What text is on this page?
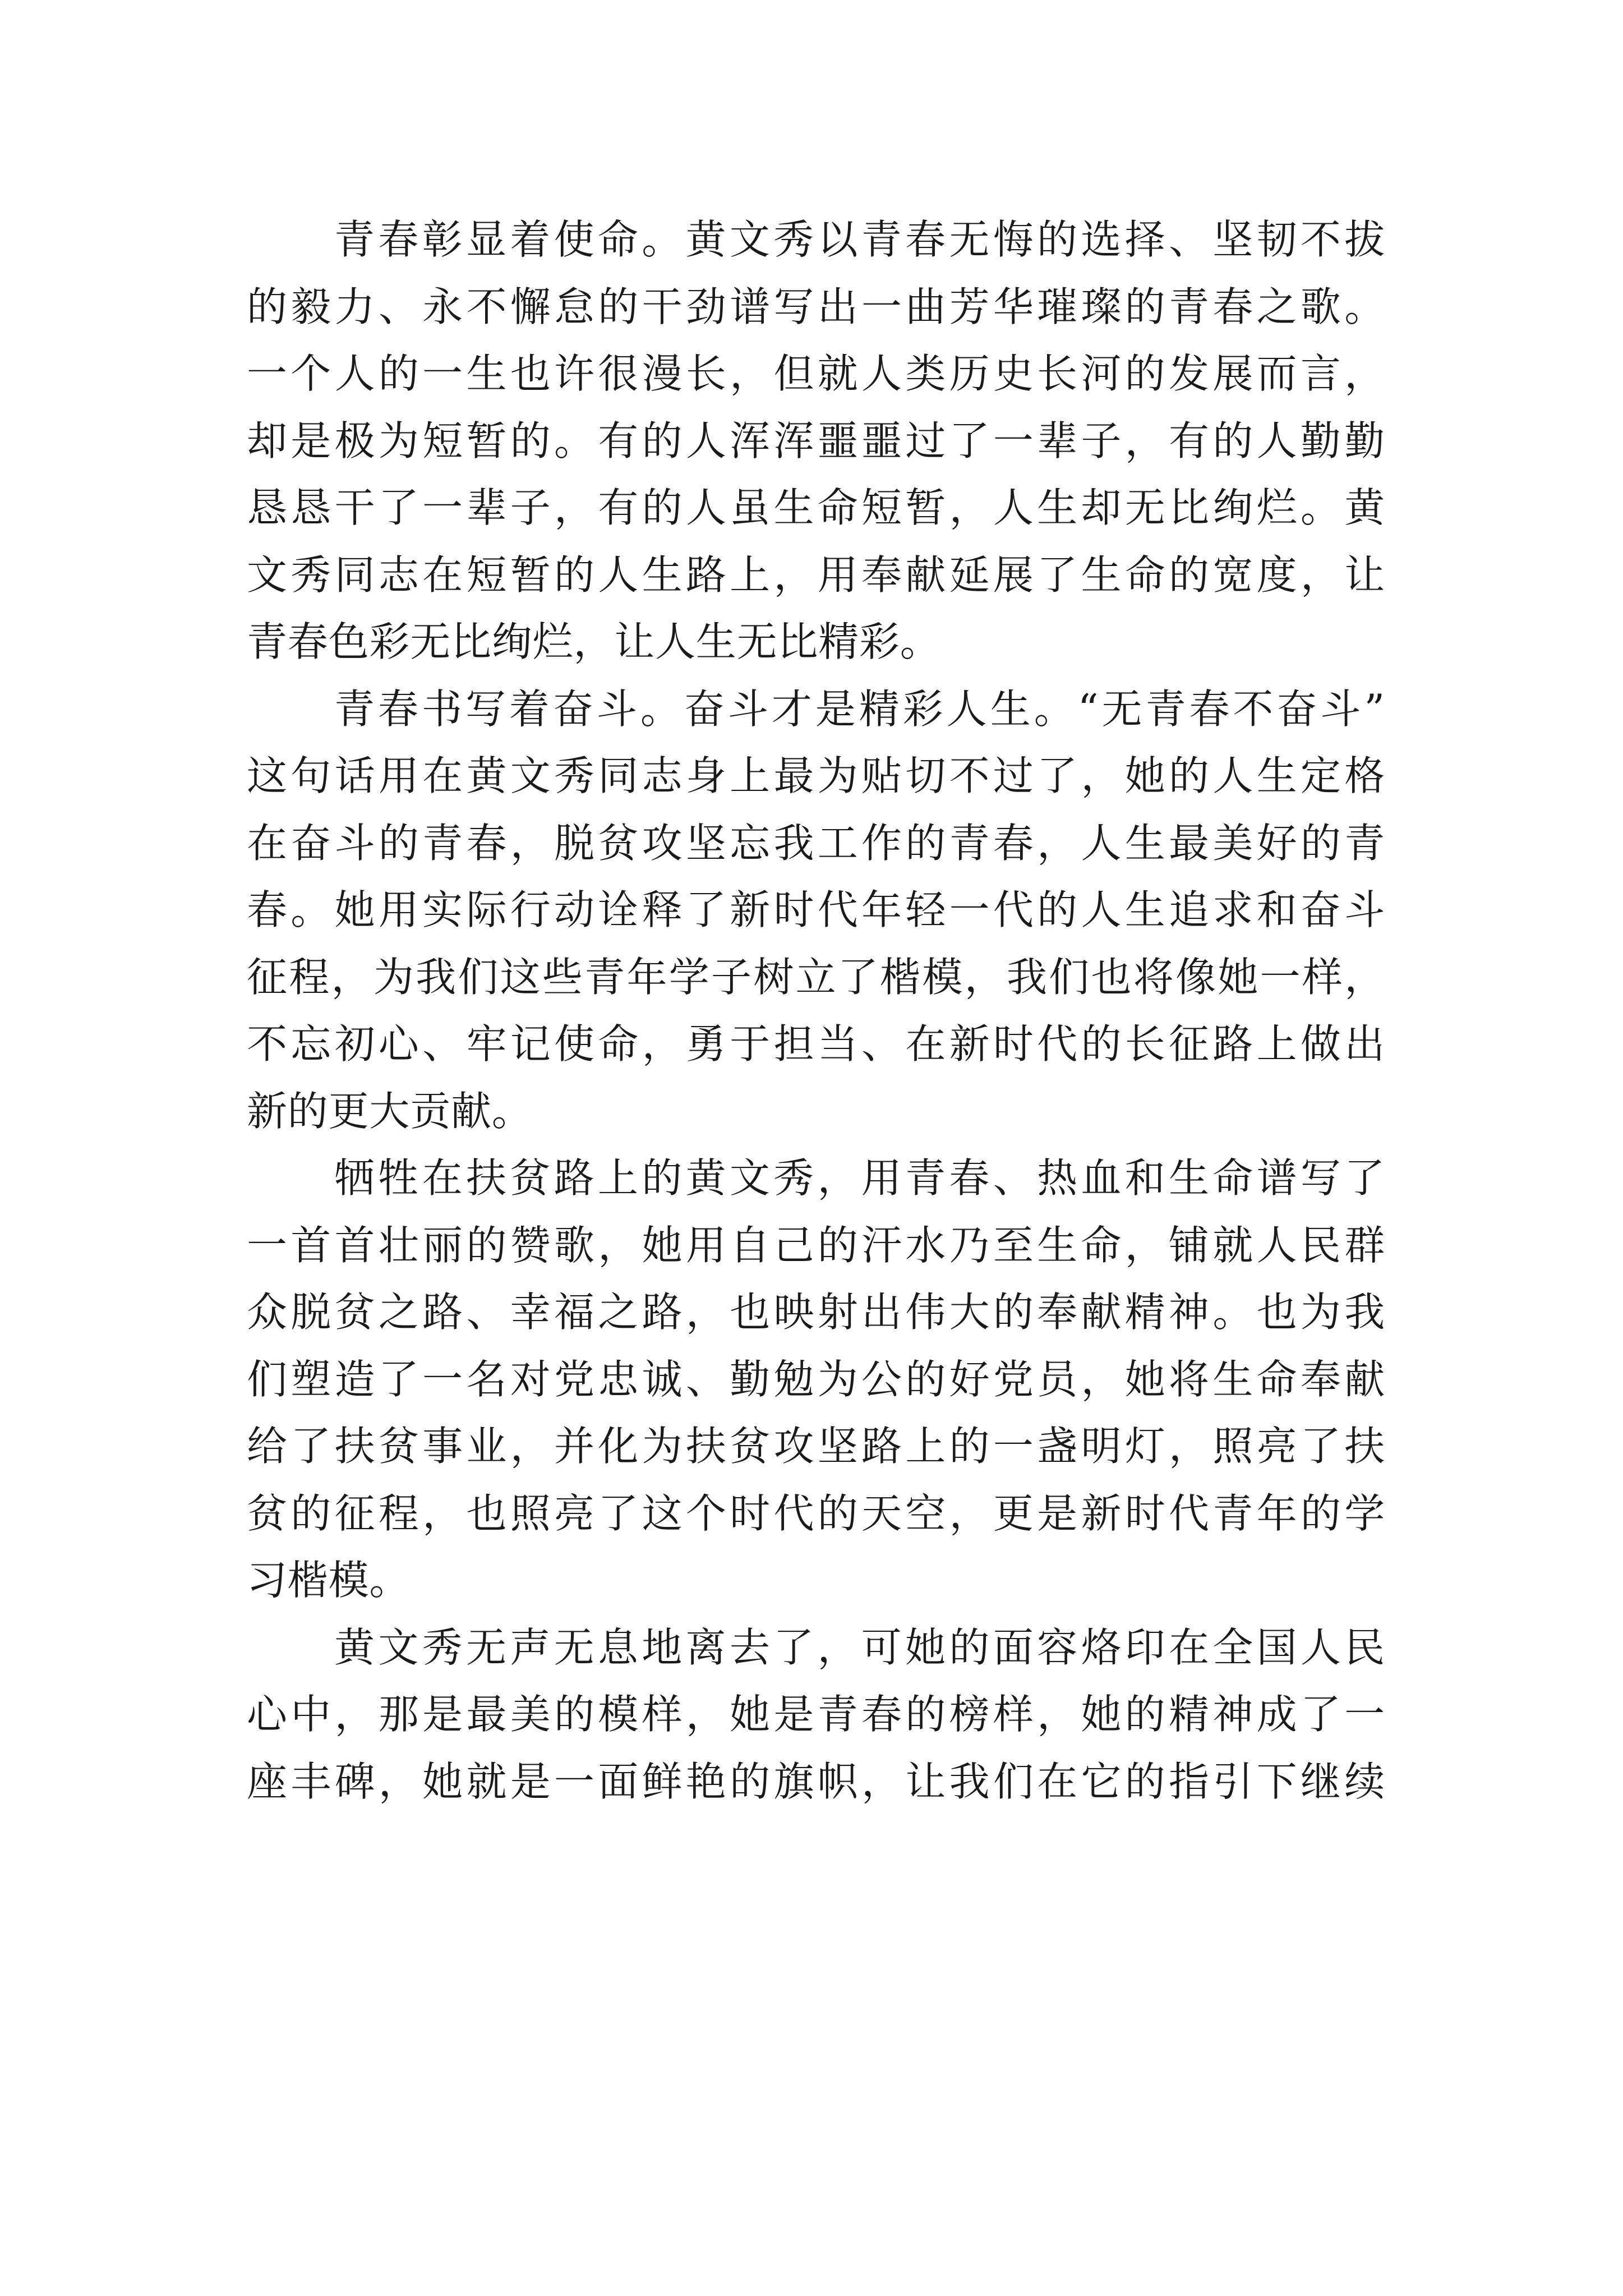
青春彰显着使命。黄文秀以青春无悔的选择、坚韧不拔
的毅力、永不懈怠的干劲谱写出一曲芳华璀璨的青春之歌。
一个人的一生也许很漫长，但就人类历史长河的发展而言，
却是极为短暂的。有的人浑浑噩噩过了一辈子，有的人勤勤
恳恳干了一辈子，有的人虽生命短暂，人生却无比绚烂。黄
文秀同志在短暂的人生路上，用奉献延展了生命的宽度，让
青春色彩无比绚烂，让人生无比精彩。
青春书写着奋斗。奋斗才是精彩人生。“无青春不奋斗”
这句话用在黄文秀同志身上最为贴切不过了，她的人生定格
在奋斗的青春，脱贫攻坚忘我工作的青春，人生最美好的青
春。她用实际行动诠释了新时代年轻一代的人生追求和奋斗
征程，为我们这些青年学子树立了楷模，我们也将像她一样，
不忘初心、牢记使命，勇于担当、在新时代的长征路上做出
新的更大贡献。
牺牲在扶贫路上的黄文秀，用青春、热血和生命谱写了
一首首壮丽的赞歌，她用自己的汗水乃至生命，铺就人民群
众脱贫之路、幸福之路，也映射出伟大的奉献精神。也为我
们塑造了一名对党忠诚、勤勉为公的好党员，她将生命奉献
给了扶贫事业，并化为扶贫攻坚路上的一盏明灯，照亮了扶
贫的征程，也照亮了这个时代的天空，更是新时代青年的学
习楷模。
黄文秀无声无息地离去了，可她的面容烙印在全国人民
心中，那是最美的模样，她是青春的榜样，她的精神成了一
座丰碑，她就是一面鲜艳的旗帜，让我们在它的指引下继续
